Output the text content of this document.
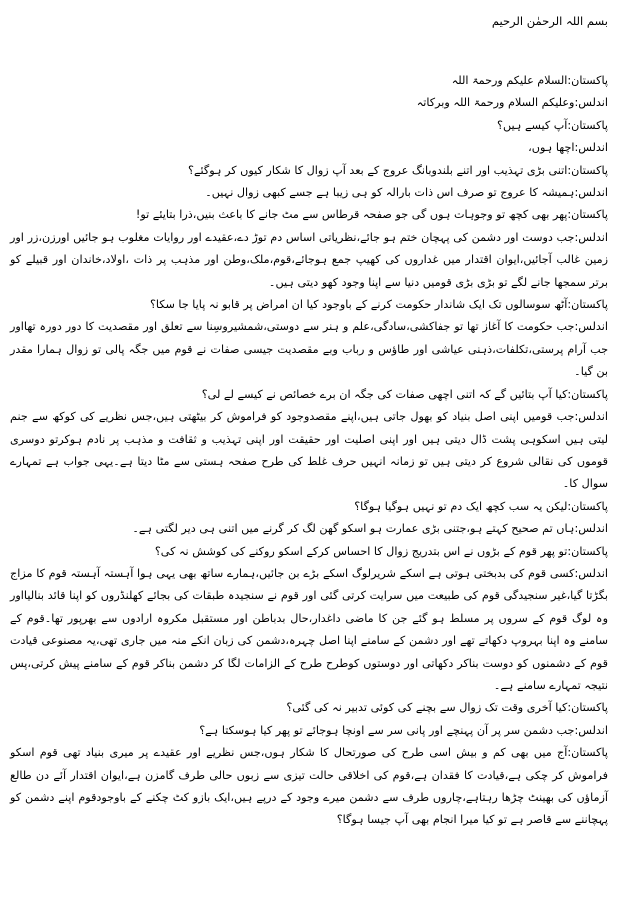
بسم اللہ الرحمٰن الرحیم

پاکستان:السلام علیکم ورحمۃ اللہ

اندلس:وعلیکم السلام ورحمۃ اللہ وبرکاتہ

پاکستان:آپ کیسے ہیں؟

اندلس:اچھا ہوں،

پاکستان:اتنی بڑی تہذیب اور اتنے بلندوبانگ عروج کے بعد آپ زوال کا شکار کیوں کر ہوگئے؟

اندلس:ہمیشہ کا عروج تو صرف اس ذات بارالہ کو ہی زیبا ہے جسے کبھی زوال نہیں۔

پاکستان:پھر بھی کچھ تو وجوہات ہوں گی جو صفحہ قرطاس سے مٹ جانے کا باعث بنیں،ذرا بتایئے تو!

اندلس:جب دوست اور دشمن کی پہچان ختم ہو جائے،نظریاتی اساس دم توڑ دے،عقیدے اور روایات مغلوب ہو جائیں اورزن،زر اور زمین غالب آجائیں،ایوان اقتدار میں غداروں کی کھیپ جمع ہوجائے،قوم،ملک،وطن اور مذہب پر ذات ،اولاد،خاندان اور قبیلے کو برتر سمجھا جانے لگے تو بڑی بڑی قومیں دنیا سے اپنا وجود کھو دیتی ہیں۔

پاکستان:آٹھ سوسالوں تک ایک شاندار حکومت کرنے کے باوجود کیا ان امراض پر قابو نہ پایا جا سکا؟

اندلس:جب حکومت کا آغاز تھا تو جفاکشی،سادگی،علم و ہنر سے دوستی،شمشیروسِنا سے تعلق اور مقصدیت کا دور دورہ تھااور جب آرام پرستی،تکلفات،ذہنی عیاشی اور طاؤس و رباب وبے مقصدیت جیسی صفات نے قوم میں جگہ پالی تو زوال ہمارا مقدر بن گیا۔

پاکستان:کیا آپ بتائیں گے کہ اتنی اچھی صفات کی جگہ ان برے خصائص نے کیسے لے لی؟

اندلس:جب قومیں اپنی اصل بنیاد کو بھول جاتی ہیں،اپنے مقصدوجود کو فراموش کر بیٹھتی ہیں،جس نظریے کی کوکھ سے جنم لیتی ہیں اسکوہی پشت ڈال دیتی ہیں اور اپنی اصلیت اور حقیقت اور اپنی تہذیب و ثقافت و مذہب پر نادم ہوکرتو دوسری قوموں کی نقالی شروع کر دیتی ہیں تو زمانہ انہیں حرف غلط کی طرح صفحہ ہستی سے مٹا دیتا ہے۔یہی جواب ہے تمہارے سوال کا۔

پاکستان:لیکن یہ سب کچھ ایک دم تو نہیں ہوگیا ہوگا؟

اندلس:ہاں تم صحیح کہتے ہو،جتنی بڑی عمارت ہو اسکو گھن لگ کر گرنے میں اتنی ہی دیر لگتی ہے۔

پاکستان:تو پھر قوم کے بڑوں نے اس بتدریج زوال کا احساس کرکے اسکو روکنے کی کوشش نہ کی؟

اندلس:کسی قوم کی بدبختی ہوتی ہے اسکے شریرلوگ اسکے بڑے بن جائیں،ہمارے ساتھ بھی یہی ہوا آہستہ آہستہ قوم کا مزاج بگڑتا گیا،غیر سنجیدگی قوم کی طبیعت میں سرایت کرتی گئی اور قوم نے سنجیدہ طبقات کی بجائے کھلنڈروں کو اپنا قائد بنالیااور وہ لوگ قوم کے سروں پر مسلط ہو گئے جن کا ماضی داغدار،حال بدباطن اور مستقبل مکروہ ارادوں سے بھرپور تھا۔قوم کے سامنے وہ اپنا بہروپ دکھاتے تھے اور دشمن کے سامنے اپنا اصل چہرہ،دشمن کی زبان انکے منہ میں جاری تھی،یہ مصنوعی قیادت قوم کے دشمنوں کو دوست بناکر دکھاتی اور دوستوں کوطرح طرح کے الزامات لگا کر دشمن بناکر قوم کے سامنے پیش کرتی،پس نتیجہ تمہارے سامنے ہے۔

پاکستان:کیا آخری وقت تک زوال سے بچنے کی کوئی تدبیر نہ کی گئی؟

اندلس:جب دشمن سر پر آن پہنچے اور پانی سر سے اونچا ہوجائے تو پھر کیا ہوسکتا ہے؟

پاکستان:آج میں بھی کم و بیش اسی طرح کی صورتحال کا شکار ہوں،جس نظریے اور عقیدے پر میری بنیاد تھی قوم اسکو فراموش کر چکی ہے،قیادت کا فقدان ہے،قوم کی اخلاقی حالت تیزی سے زبوں حالی طرف گامزن ہے،ایوان اقتدار آئے دن طالع آزماؤں کی بھینٹ چڑھا رہتاہے،چاروں طرف سے دشمن میرے وجود کے درپے ہیں،ایک بازو کٹ چکنے کے باوجودقوم اپنے دشمن کو پہچاننے سے قاصر ہے تو کیا میرا انجام بھی آپ جیسا ہوگا؟
